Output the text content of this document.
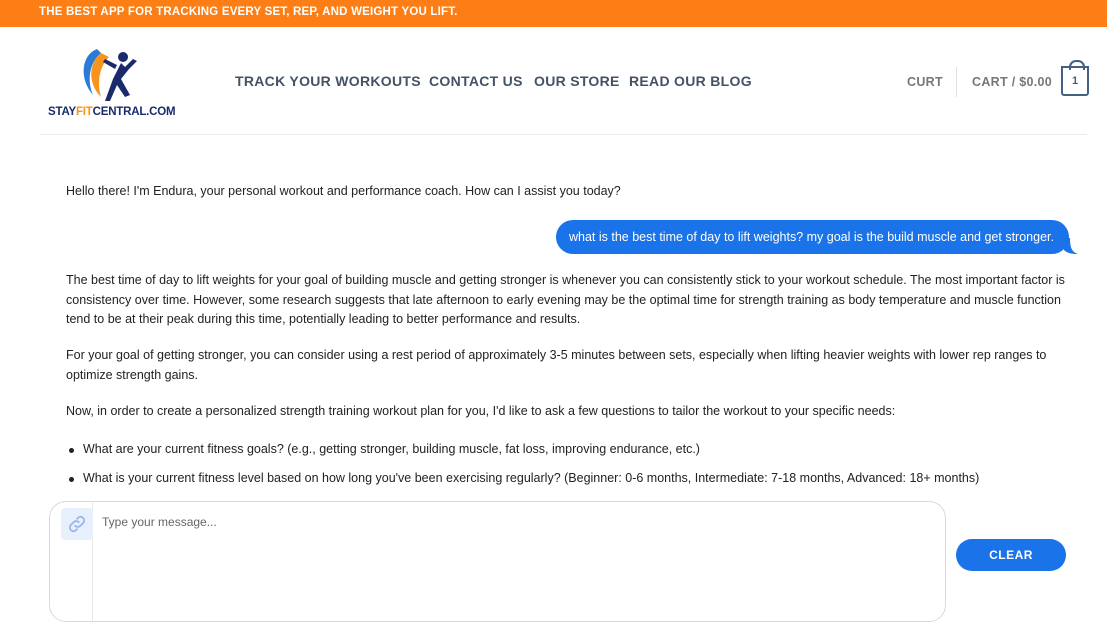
THE BEST APP FOR TRACKING EVERY SET, REP, AND WEIGHT YOU LIFT.
STAYFITCENTRAL.COM
TRACK YOUR WORKOUTS CONTACT US OUR STORE READ OUR BLOG	CURT CART / $0.00	1
Hello there! I'm Endura, your personal workout and performance coach. How can I assist you today?
what is the best time of day to lift weights? my goal is the build muscle and get stronger.
The best time of day to lift weights for your goal of building muscle and getting stronger is whenever you can consistently stick to your workout schedule. The most important factor is consistency over time. However, some research suggests that late afternoon to early evening may be the optimal time for strength training as body temperature and muscle function tend to be at their peak during this time, potentially leading to better performance and results.
For your goal of getting stronger, you can consider using a rest period of approximately 3-5 minutes between sets, especially when lifting heavier weights with lower rep ranges to optimize strength gains.
Now, in order to create a personalized strength training workout plan for you, I'd like to ask a few questions to tailor the workout to your specific needs:
What are your current fitness goals? (e.g., getting stronger, building muscle, fat loss, improving endurance, etc.)
What is your current fitness level based on how long you've been exercising regularly? (Beginner: 0-6 months, Intermediate: 7-18 months, Advanced: 18+ months)
Type your message...
CLEAR
